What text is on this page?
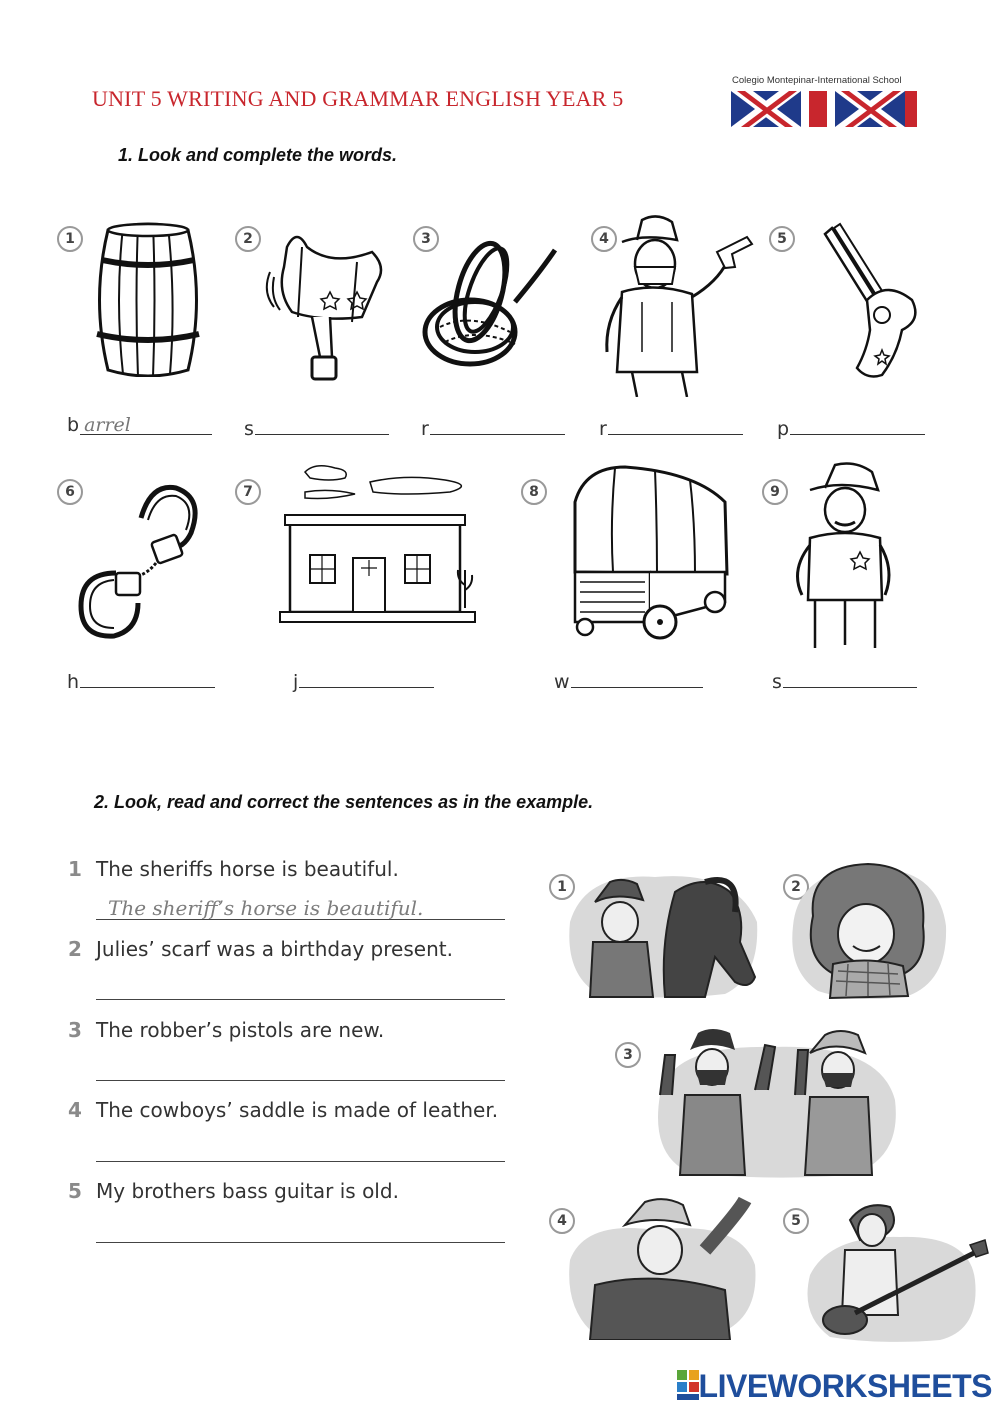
UNIT 5 WRITING AND GRAMMAR ENGLISH YEAR 5
Colegio Montepinar-International School
1. Look and complete the words.
1	2	3	4	5
b arrel	s	r	r	p
6	7	8	9
h	j	w	s
2. Look, read and correct the sentences as in the example.
1 The sheriffs horse is beautiful.
The sheriff’s horse is beautiful.
2 Julies’ scarf was a birthday present.
3 The robber’s pistols are new.
4 The cowboys’ saddle is made of leather.
5 My brothers bass guitar is old.
1	2
3
4	5
LIVEWORKSHEETS
